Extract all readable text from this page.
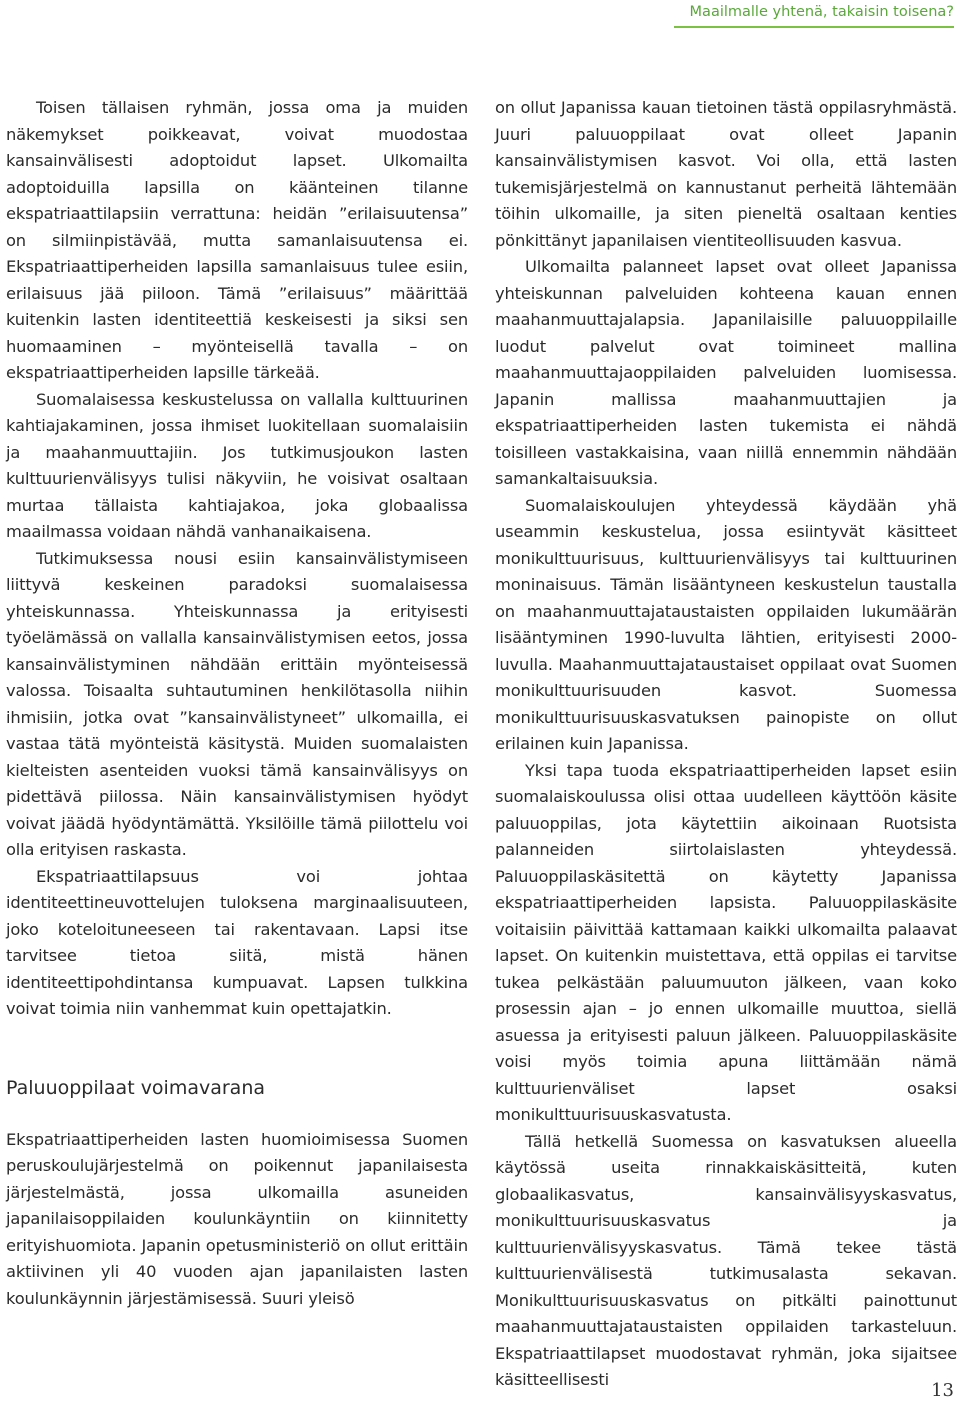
Maailmalle yhtenä, takaisin toisena?

Toisen tällaisen ryhmän, jossa oma ja muiden näkemykset poikkeavat, voivat muodostaa kansainvälisesti adoptoidut lapset. Ulkomailta adoptoiduilla lapsilla on käänteinen tilanne ekspatriaattilapsiin verrattuna: heidän ”erilaisuutensa” on silmiinpistävää, mutta samanlaisuutensa ei. Ekspatriaattiperheiden lapsilla samanlaisuus tulee esiin, erilaisuus jää piiloon. Tämä ”erilaisuus” määrittää kuitenkin lasten identiteettiä keskeisesti ja siksi sen huomaaminen – myönteisellä tavalla – on ekspatriaattiperheiden lapsille tärkeää.

Suomalaisessa keskustelussa on vallalla kulttuurinen kahtiajakaminen, jossa ihmiset luokitellaan suomalaisiin ja maahanmuuttajiin. Jos tutkimusjoukon lasten kulttuurienvälisyys tulisi näkyviin, he voisivat osaltaan murtaa tällaista kahtiajakoa, joka globaalissa maailmassa voidaan nähdä vanhanaikaisena.

Tutkimuksessa nousi esiin kansainvälistymiseen liittyvä keskeinen paradoksi suomalaisessa yhteiskunnassa. Yhteiskunnassa ja erityisesti työelämässä on vallalla kansainvälistymisen eetos, jossa kansainvälistyminen nähdään erittäin myönteisessä valossa. Toisaalta suhtautuminen henkilötasolla niihin ihmisiin, jotka ovat ”kansainvälistyneet” ulkomailla, ei vastaa tätä myönteistä käsitystä. Muiden suomalaisten kielteisten asenteiden vuoksi tämä kansainvälisyys on pidettävä piilossa. Näin kansainvälistymisen hyödyt voivat jäädä hyödyntämättä. Yksilöille tämä piilottelu voi olla erityisen raskasta.

Ekspatriaattilapsuus voi johtaa identiteettineuvottelujen tuloksena marginaalisuuteen, joko koteloituneeseen tai rakentavaan. Lapsi itse tarvitsee tietoa siitä, mistä hänen identiteettipohdintansa kumpuavat. Lapsen tulkkina voivat toimia niin vanhemmat kuin opettajatkin.

Paluuoppilaat voimavarana

Ekspatriaattiperheiden lasten huomioimisessa Suomen peruskoulujärjestelmä on poikennut japanilaisesta järjestelmästä, jossa ulkomailla asuneiden japanilaisoppilaiden koulunkäyntiin on kiinnitetty erityishuomiota. Japanin opetusministeriö on ollut erittäin aktiivinen yli 40 vuoden ajan japanilaisten lasten koulunkäynnin järjestämisessä. Suuri yleisö

on ollut Japanissa kauan tietoinen tästä oppilasryhmästä. Juuri paluuoppilaat ovat olleet Japanin kansainvälistymisen kasvot. Voi olla, että lasten tukemisjärjestelmä on kannustanut perheitä lähtemään töihin ulkomaille, ja siten pieneltä osaltaan kenties pönkittänyt japanilaisen vientiteollisuuden kasvua.

Ulkomailta palanneet lapset ovat olleet Japanissa yhteiskunnan palveluiden kohteena kauan ennen maahanmuuttajalapsia. Japanilaisille paluuoppilaille luodut palvelut ovat toimineet mallina maahanmuuttajaoppilaiden palveluiden luomisessa. Japanin mallissa maahanmuuttajien ja ekspatriaattiperheiden lasten tukemista ei nähdä toisilleen vastakkaisina, vaan niillä ennemmin nähdään samankaltaisuuksia.

Suomalaiskoulujen yhteydessä käydään yhä useammin keskustelua, jossa esiintyvät käsitteet monikulttuurisuus, kulttuurienvälisyys tai kulttuurinen moninaisuus. Tämän lisääntyneen keskustelun taustalla on maahanmuuttajataustaisten oppilaiden lukumäärän lisääntyminen 1990-luvulta lähtien, erityisesti 2000-luvulla. Maahanmuuttajataustaiset oppilaat ovat Suomen monikulttuurisuuden kasvot. Suomessa monikulttuurisuuskasvatuksen painopiste on ollut erilainen kuin Japanissa.

Yksi tapa tuoda ekspatriaattiperheiden lapset esiin suomalaiskoulussa olisi ottaa uudelleen käyttöön käsite paluuoppilas, jota käytettiin aikoinaan Ruotsista palanneiden siirtolaislasten yhteydessä. Paluuoppilaskäsitettä on käytetty Japanissa ekspatriaattiperheiden lapsista. Paluuoppilaskäsite voitaisiin päivittää kattamaan kaikki ulkomailta palaavat lapset. On kuitenkin muistettava, että oppilas ei tarvitse tukea pelkästään paluumuuton jälkeen, vaan koko prosessin ajan – jo ennen ulkomaille muuttoa, siellä asuessa ja erityisesti paluun jälkeen. Paluuoppilaskäsite voisi myös toimia apuna liittämään nämä kulttuurienväliset lapset osaksi monikulttuurisuuskasvatusta.

Tällä hetkellä Suomessa on kasvatuksen alueella käytössä useita rinnakkaiskäsitteitä, kuten globaalikasvatus, kansainvälisyyskasvatus, monikulttuurisuuskasvatus ja kulttuurienvälisyyskasvatus. Tämä tekee tästä kulttuurienvälisestä tutkimusalasta sekavan. Monikulttuurisuuskasvatus on pitkälti painottunut maahanmuuttajataustaisten oppilaiden tarkasteluun. Ekspatriaattilapset muodostavat ryhmän, joka sijaitsee käsitteellisesti

13
